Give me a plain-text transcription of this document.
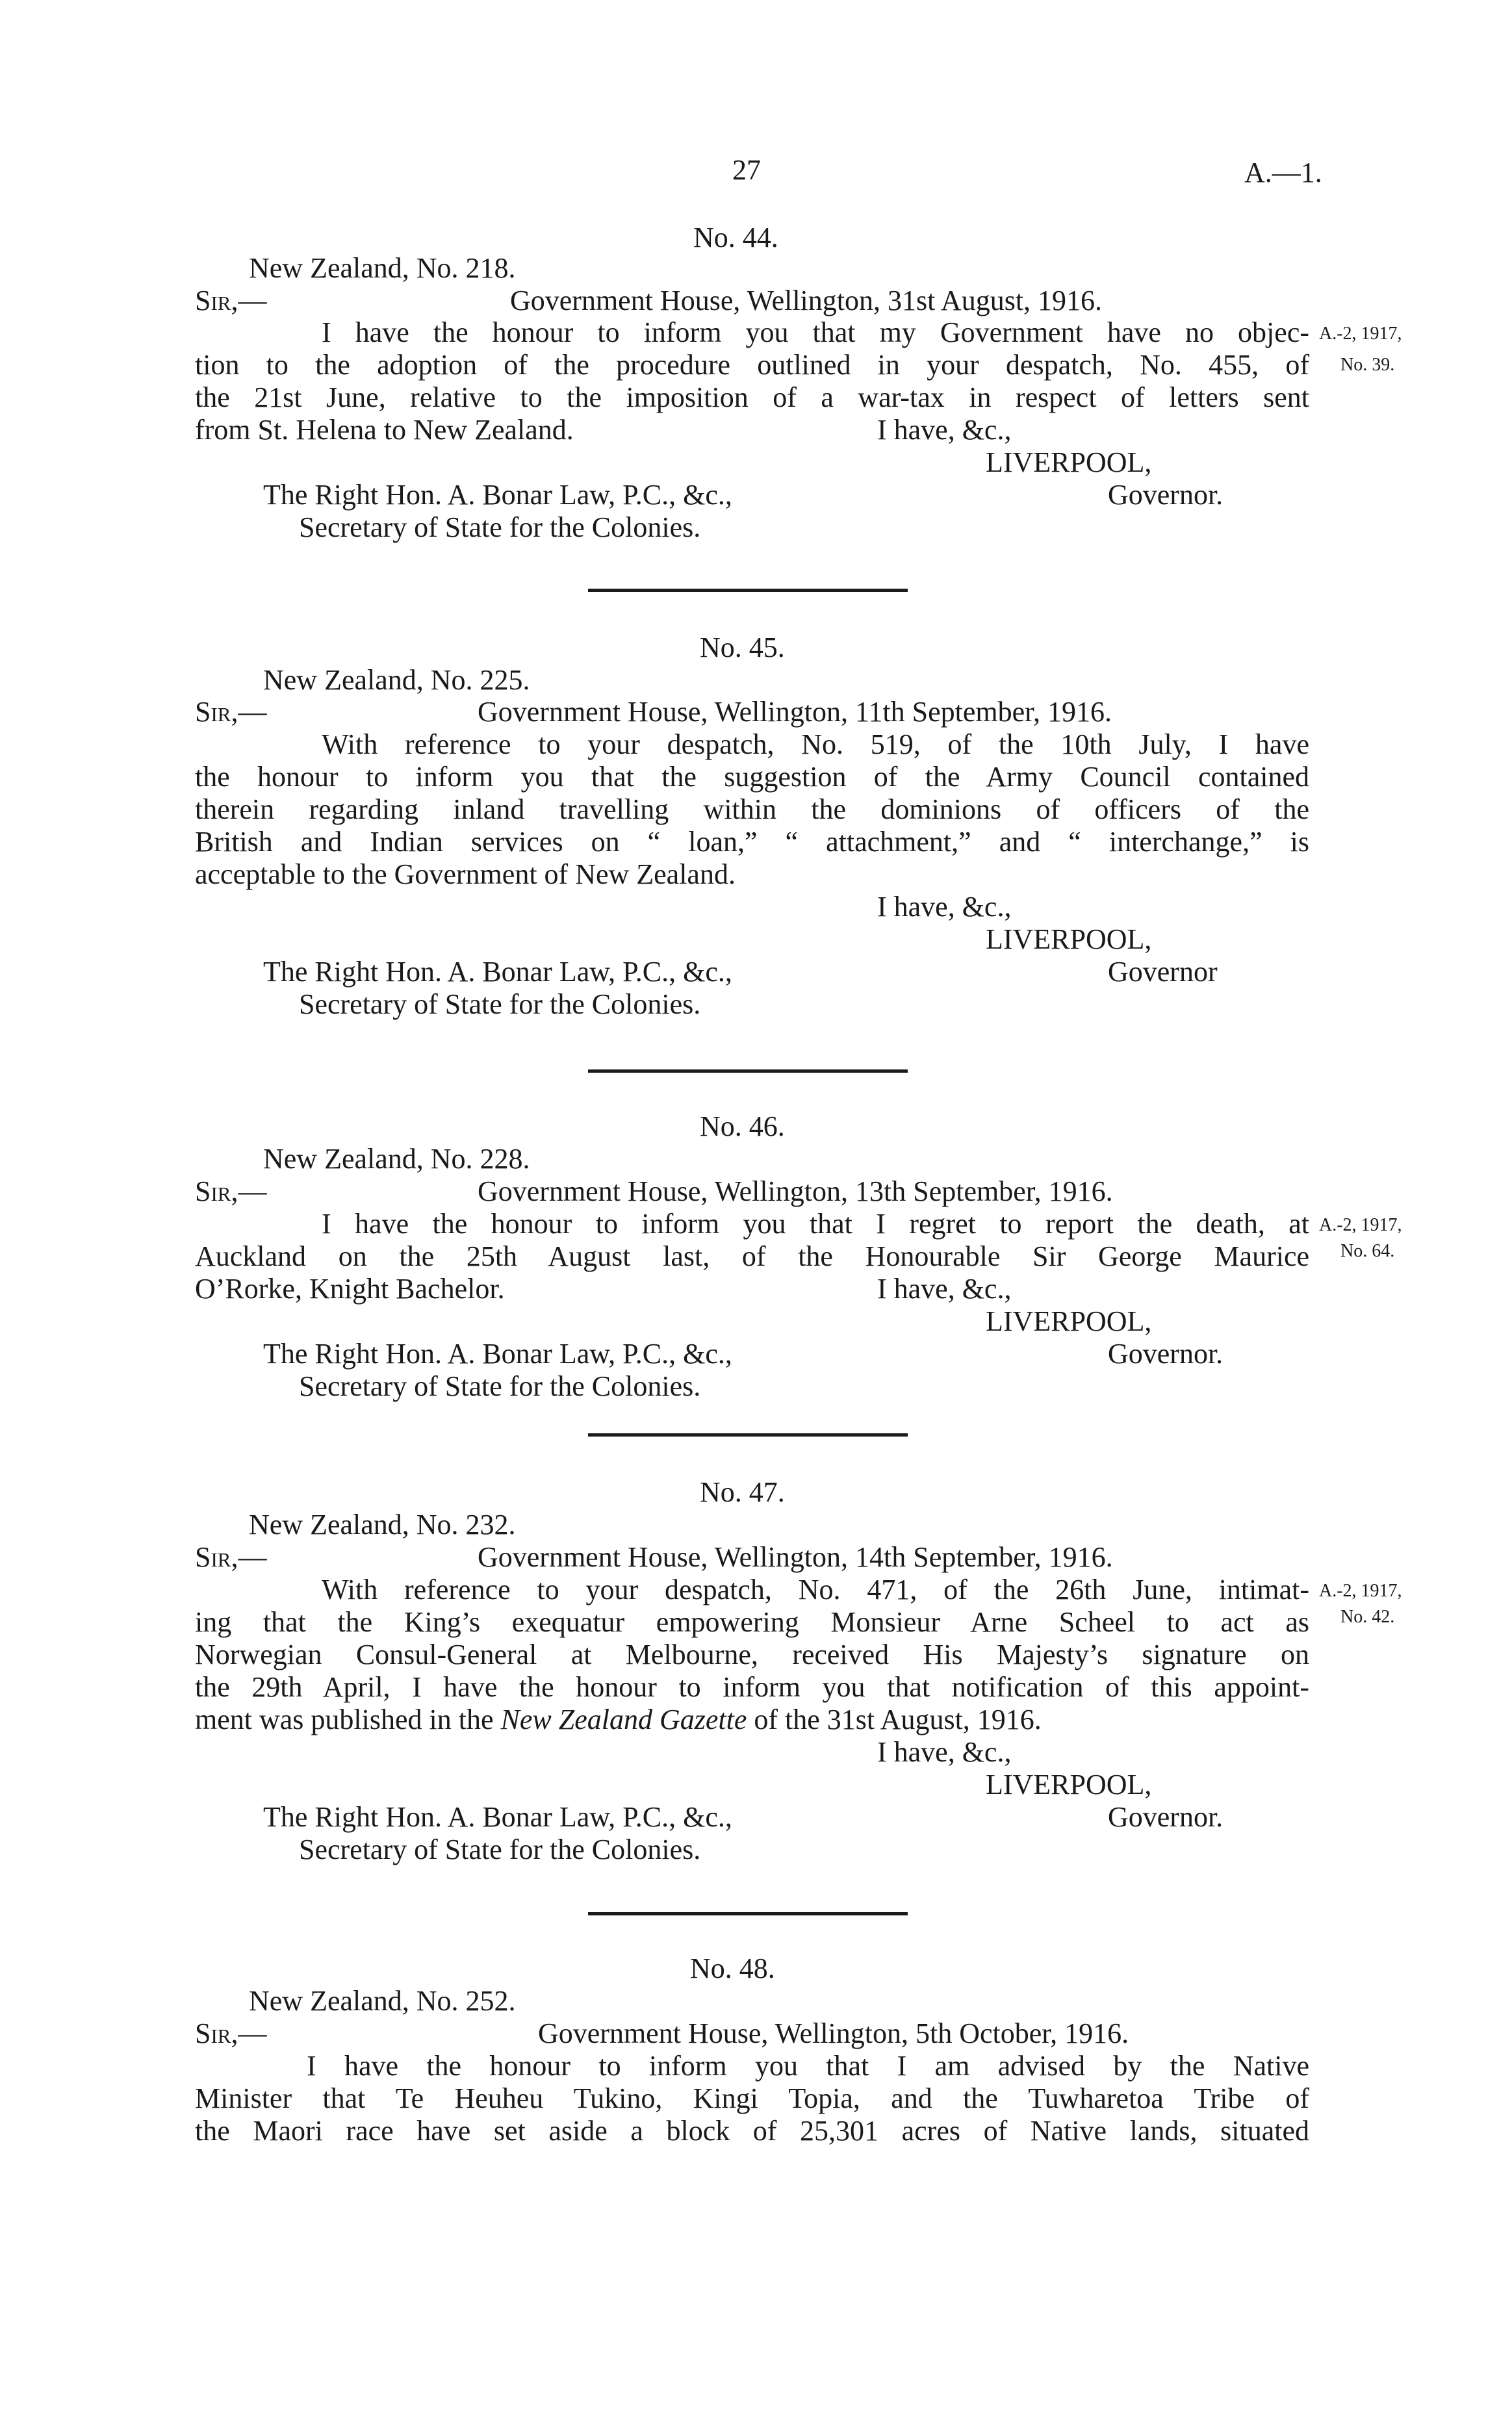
27	A.—1.
No. 44.
New Zealand, No. 218.
Sir,—	Government House, Wellington, 31st August, 1916.
I have the honour to inform you that my Government have no objec-
tion to the adoption of the procedure outlined in your despatch, No. 455, of
the 21st June, relative to the imposition of a war-tax in respect of letters sent
from St. Helena to New Zealand.	I have, &c.,
LIVERPOOL,
The Right Hon. A. Bonar Law, P.C., &c.,	Governor.
Secretary of State for the Colonies.
A.-2, 1917,
No. 39.
No. 45.
New Zealand, No. 225.
Sir,—	Government House, Wellington, 11th September, 1916.
With reference to your despatch, No. 519, of the 10th July, I have
the honour to inform you that the suggestion of the Army Council contained
therein regarding inland travelling within the dominions of officers of the
British and Indian services on “ loan,” “ attachment,” and “ interchange,” is
acceptable to the Government of New Zealand.
I have, &c.,
LIVERPOOL,
The Right Hon. A. Bonar Law, P.C., &c.,	Governor
Secretary of State for the Colonies.
No. 46.
New Zealand, No. 228.
Sir,—	Government House, Wellington, 13th September, 1916.
I have the honour to inform you that I regret to report the death, at
Auckland on the 25th August last, of the Honourable Sir George Maurice
O’Rorke, Knight Bachelor.	I have, &c.,
LIVERPOOL,
The Right Hon. A. Bonar Law, P.C., &c.,	Governor.
Secretary of State for the Colonies.
A.-2, 1917,
No. 64.
No. 47.
New Zealand, No. 232.
Sir,—	Government House, Wellington, 14th September, 1916.
With reference to your despatch, No. 471, of the 26th June, intimat-
ing that the King’s exequatur empowering Monsieur Arne Scheel to act as
Norwegian Consul-General at Melbourne, received His Majesty’s signature on
the 29th April, I have the honour to inform you that notification of this appoint-
ment was published in the New Zealand Gazette of the 31st August, 1916.
I have, &c.,
LIVERPOOL,
The Right Hon. A. Bonar Law, P.C., &c.,	Governor.
Secretary of State for the Colonies.
A.-2, 1917,
No. 42.
No. 48.
New Zealand, No. 252.
Sir,—	Government House, Wellington, 5th October, 1916.
I have the honour to inform you that I am advised by the Native
Minister that Te Heuheu Tukino, Kingi Topia, and the Tuwharetoa Tribe of
the Maori race have set aside a block of 25,301 acres of Native lands, situated
